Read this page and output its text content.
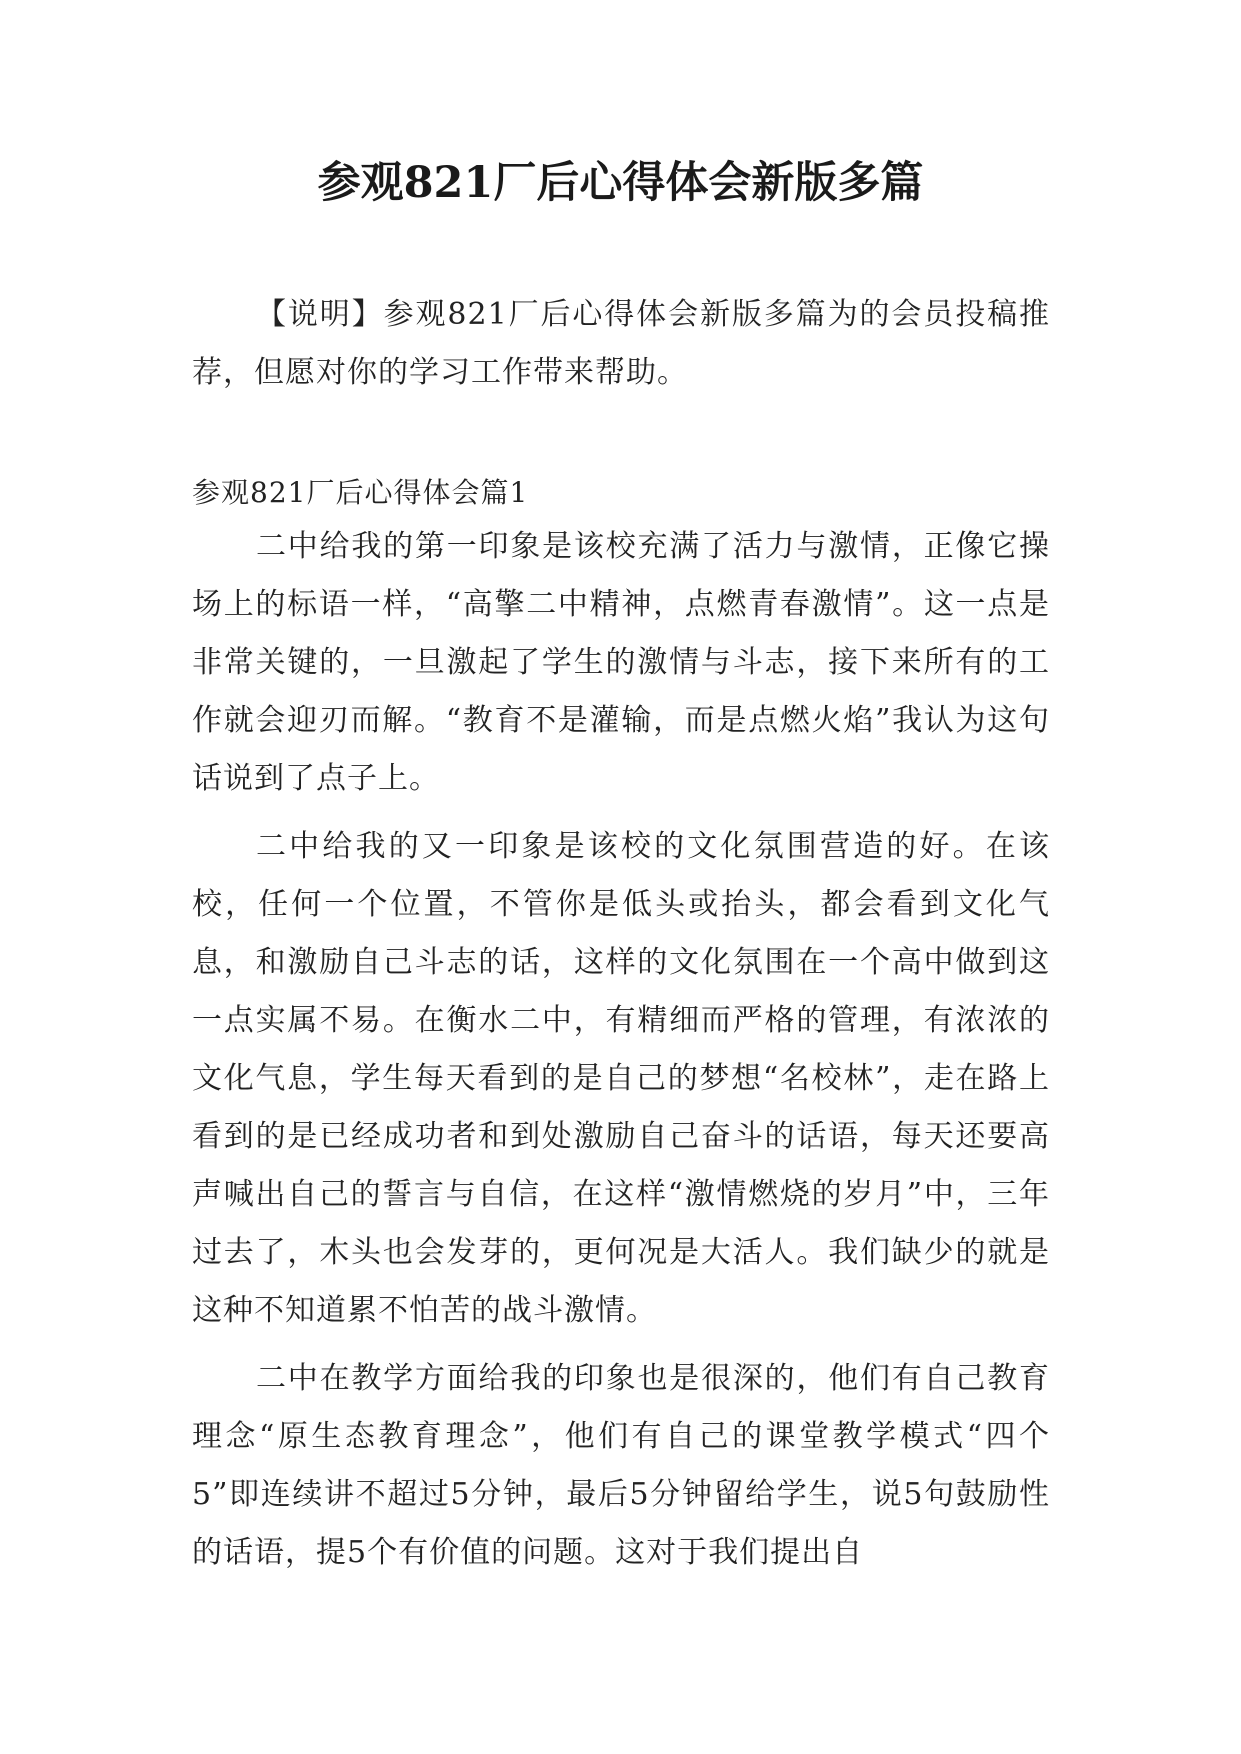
参观821厂后心得体会新版多篇
【说明】参观821厂后心得体会新版多篇为的会员投稿推荐，但愿对你的学习工作带来帮助。
参观821厂后心得体会篇1

二中给我的第一印象是该校充满了活力与激情，正像它操场上的标语一样，“高擎二中精神，点燃青春激情”。这一点是非常关键的，一旦激起了学生的激情与斗志，接下来所有的工作就会迎刃而解。“教育不是灌输，而是点燃火焰”我认为这句话说到了点子上。

二中给我的又一印象是该校的文化氛围营造的好。在该校，任何一个位置，不管你是低头或抬头，都会看到文化气息，和激励自己斗志的话，这样的文化氛围在一个高中做到这一点实属不易。在衡水二中，有精细而严格的管理，有浓浓的文化气息，学生每天看到的是自己的梦想“名校林”，走在路上看到的是已经成功者和到处激励自己奋斗的话语，每天还要高声喊出自己的誓言与自信，在这样“激情燃烧的岁月”中，三年过去了，木头也会发芽的，更何况是大活人。我们缺少的就是这种不知道累不怕苦的战斗激情。

二中在教学方面给我的印象也是很深的，他们有自己教育理念“原生态教育理念”，他们有自己的课堂教学模式“四个5”即连续讲不超过5分钟，最后5分钟留给学生，说5句鼓励性的话语，提5个有价值的问题。这对于我们提出自
